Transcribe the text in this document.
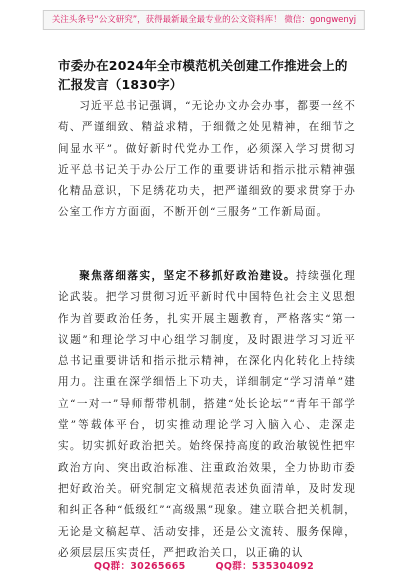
关注头条号“公文研究”，获得最新最全最专业的公文资料库！ 微信：gongwenyj
市委办在2024年全市模范机关创建工作推进会上的汇报发言（1830字）

习近平总书记强调，“无论办文办会办事，都要一丝不苟、严谨细致、精益求精，于细微之处见精神，在细节之间显水平”。做好新时代党办工作，必须深入学习贯彻习近平总书记关于办公厅工作的重要讲话和指示批示精神强化精品意识，下足绣花功夫，把严谨细致的要求贯穿于办公室工作方方面面，不断开创“三服务”工作新局面。

聚焦落细落实，坚定不移抓好政治建设。持续强化理论武装。把学习贯彻习近平新时代中国特色社会主义思想作为首要政治任务，扎实开展主题教育，严格落实“第一议题”和理论学习中心组学习制度，及时跟进学习习近平总书记重要讲话和指示批示精神，在深化内化转化上持续用力。注重在深学细悟上下功夫，详细制定“学习清单”建立“一对一”导师帮带机制，搭建“处长论坛”“青年干部学堂”等载体平台，切实推动理论学习入脑入心、走深走实。切实抓好政治把关。始终保持高度的政治敏锐性把牢政治方向、突出政治标准、注重政治效果，全力协助市委把好政治关。研究制定文稿规范表述负面清单，及时发现和纠正各种“低级红”“高级黑”现象。建立联合把关机制，无论是文稿起草、活动安排，还是公文流转、服务保障，必须层层压实责任，严把政治关口，以正确的认

QQ群：30265665	QQ群：535304092
